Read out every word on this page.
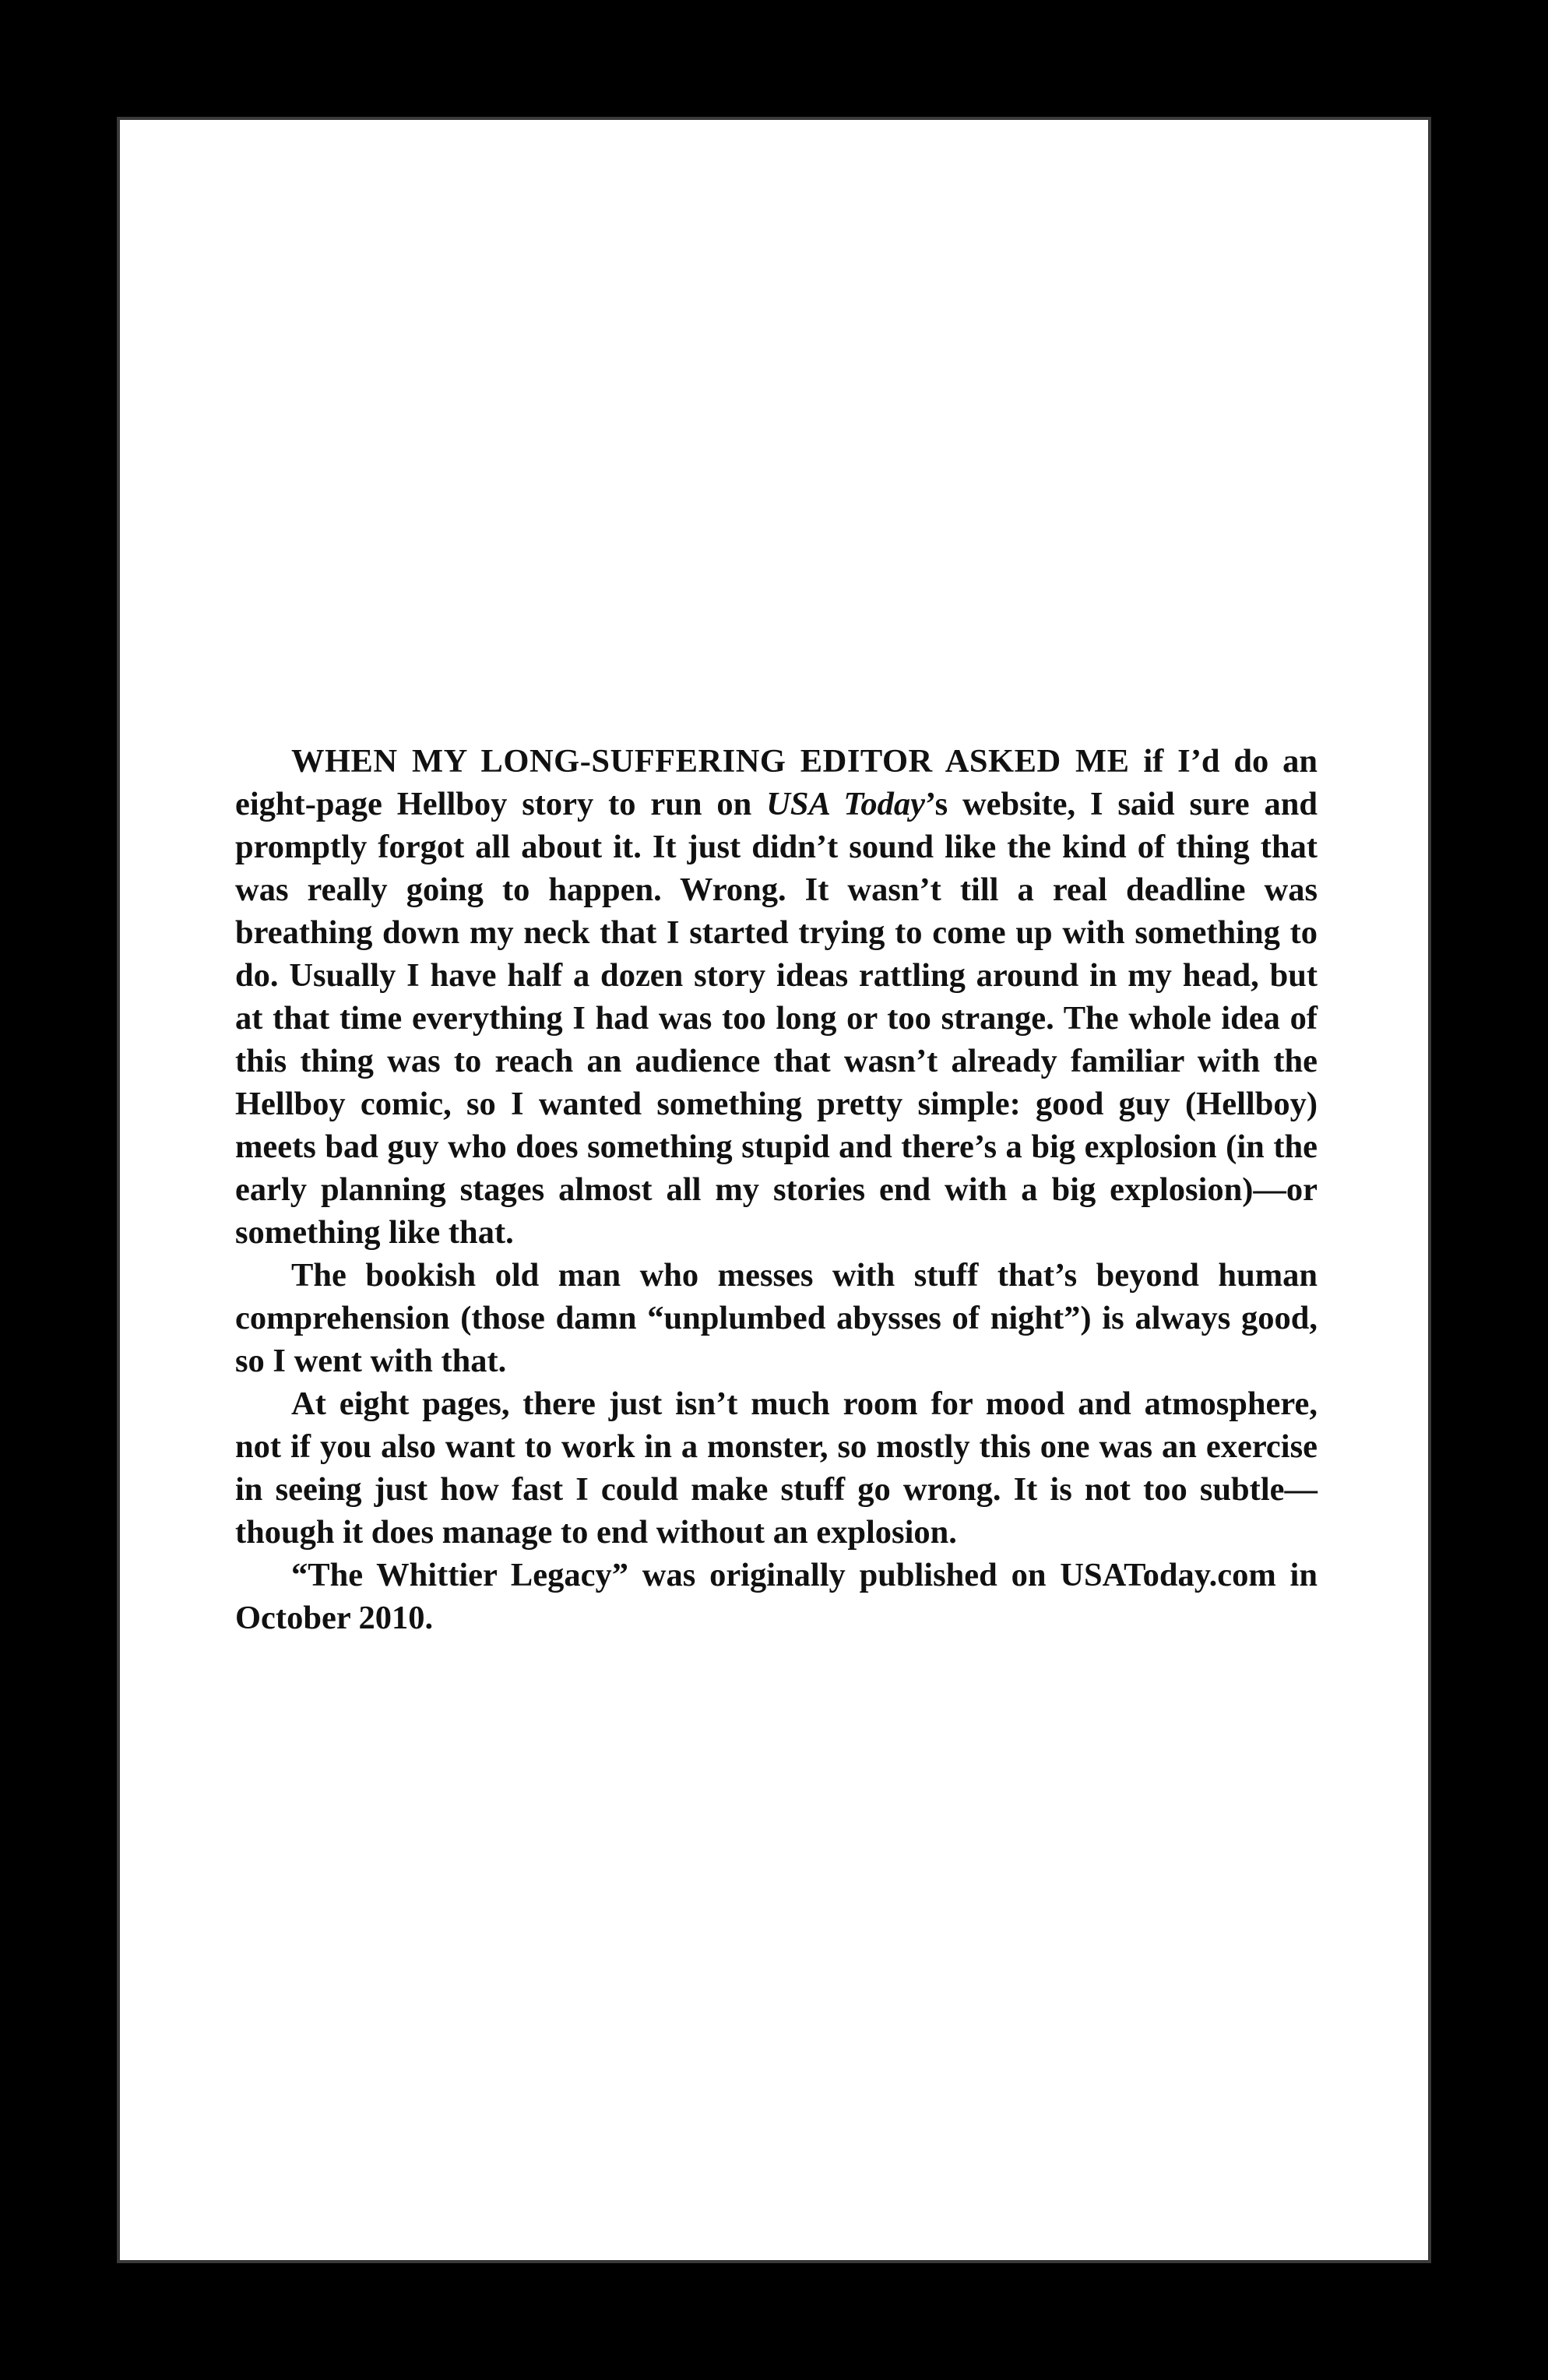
WHEN MY LONG-SUFFERING EDITOR ASKED ME if I’d do an eight-page Hellboy story to run on USA Today’s website, I said sure and promptly forgot all about it. It just didn’t sound like the kind of thing that was really going to happen. Wrong. It wasn’t till a real deadline was breathing down my neck that I started trying to come up with something to do. Usually I have half a dozen story ideas rattling around in my head, but at that time everything I had was too long or too strange. The whole idea of this thing was to reach an audience that wasn’t already familiar with the Hellboy comic, so I wanted something pretty simple: good guy (Hellboy) meets bad guy who does something stupid and there’s a big explosion (in the early planning stages almost all my stories end with a big explosion)—or something like that.

The bookish old man who messes with stuff that’s beyond human comprehension (those damn “unplumbed abysses of night”) is always good, so I went with that.

At eight pages, there just isn’t much room for mood and atmosphere, not if you also want to work in a monster, so mostly this one was an exercise in seeing just how fast I could make stuff go wrong. It is not too subtle—though it does manage to end without an explosion.

“The Whittier Legacy” was originally published on USAToday.com in October 2010.
